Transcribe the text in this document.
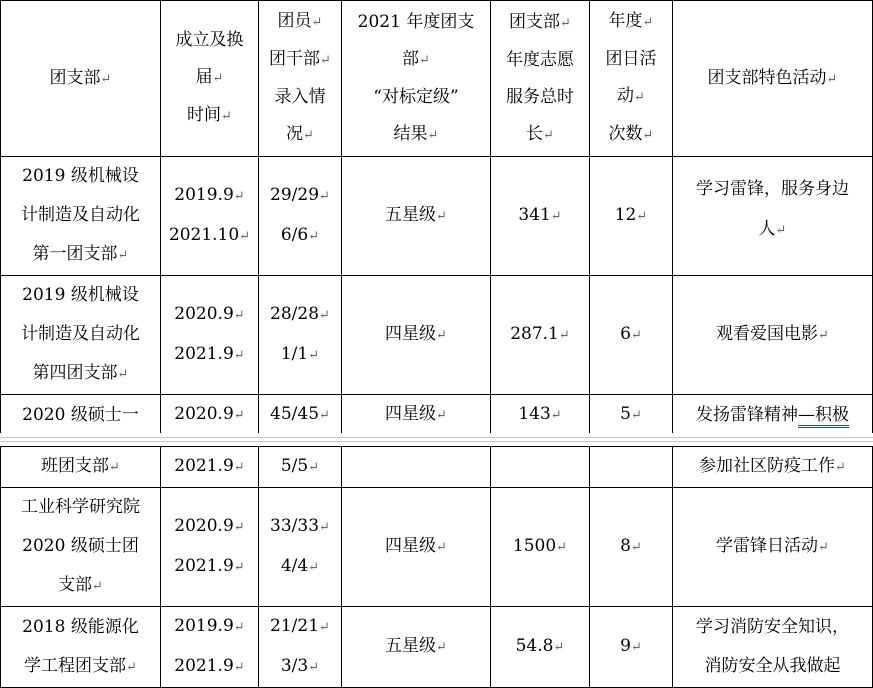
团支部↵	成立及换
届↵
时间↵	团员↵
团干部↵
录入情
况↵	2021 年度团支
部↵
“对标定级”
结果↵	团支部↵
年度志愿
服务总时
长↵	年度↵
团日活
动↵
次数↵	团支部特色活动↵
2019 级机械设
计制造及自动化
第一团支部↵	2019.9↵
2021.10↵	29/29↵
6/6↵	五星级↵	341↵	12↵	学习雷锋，服务身边
人↵
2019 级机械设
计制造及自动化
第四团支部↵	2020.9↵
2021.9↵	28/28↵
1/1↵	四星级↵	287.1↵	6↵	观看爱国电影↵
2020 级硕士一	2020.9↵	45/45↵	四星级↵	143↵	5↵	发扬雷锋精神—积极
班团支部↵	2021.9↵	5/5↵				参加社区防疫工作↵
工业科学研究院
2020 级硕士团
支部↵	2020.9↵
2021.9↵	33/33↵
4/4↵	四星级↵	1500↵	8↵	学雷锋日活动↵
2018 级能源化
学工程团支部↵	2019.9↵
2021.9↵	21/21↵
3/3↵	五星级↵	54.8↵	9↵	学习消防安全知识，
消防安全从我做起
